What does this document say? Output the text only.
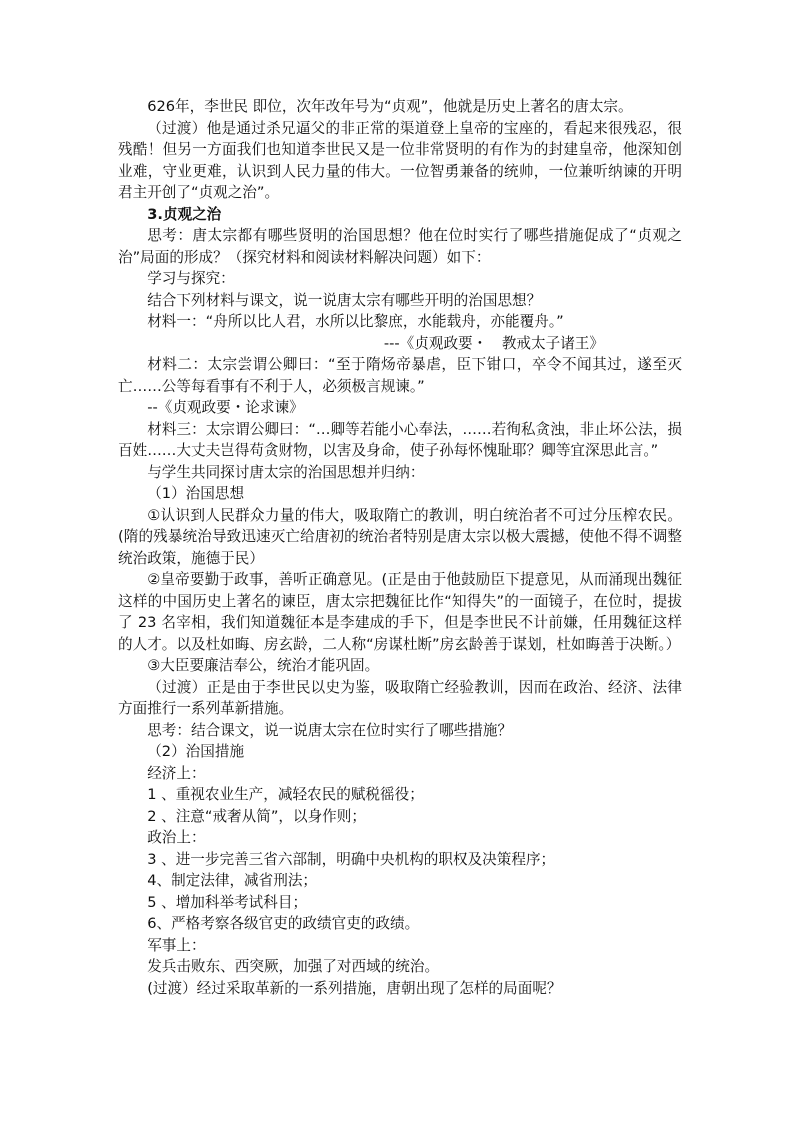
626年，李世民 即位，次年改年号为“贞观”，他就是历史上著名的唐太宗。

（过渡）他是通过杀兄逼父的非正常的渠道登上皇帝的宝座的，看起来很残忍，很残酷！但另一方面我们也知道李世民又是一位非常贤明的有作为的封建皇帝，他深知创业难，守业更难，认识到人民力量的伟大。一位智勇兼备的统帅，一位兼听纳谏的开明君主开创了“贞观之治”。

3.贞观之治

思考：唐太宗都有哪些贤明的治国思想？他在位时实行了哪些措施促成了“贞观之治”局面的形成？（探究材料和阅读材料解决问题）如下：

学习与探究：

结合下列材料与课文，说一说唐太宗有哪些开明的治国思想？

材料一：“舟所以比人君，水所以比黎庶，水能载舟，亦能覆舟。”

---《贞观政要・　教戒太子诸王》

材料二：太宗尝谓公卿曰：“至于隋炀帝暴虐，臣下钳口，卒令不闻其过，遂至灭亡……公等每看事有不利于人，必须极言规谏。”

--《贞观政要・论求谏》

材料三：太宗谓公卿曰：“…卿等若能小心奉法，……若徇私贪浊，非止坏公法，损百姓……大丈夫岂得苟贪财物，以害及身命，使子孙每怀愧耻耶？卿等宜深思此言。”

与学生共同探讨唐太宗的治国思想并归纳：

（1）治国思想

①认识到人民群众力量的伟大，吸取隋亡的教训，明白统治者不可过分压榨农民。(隋的残暴统治导致迅速灭亡给唐初的统治者特别是唐太宗以极大震撼，使他不得不调整统治政策，施德于民）

②皇帝要勤于政事，善听正确意见。(正是由于他鼓励臣下提意见，从而涌现出魏征这样的中国历史上著名的谏臣，唐太宗把魏征比作“知得失”的一面镜子，在位时，提拔了 23 名宰相，我们知道魏征本是李建成的手下，但是李世民不计前嫌，任用魏征这样的人才。以及杜如晦、房玄龄，二人称“房谋杜断”房玄龄善于谋划，杜如晦善于决断。）

③大臣要廉洁奉公，统治才能巩固。

（过渡）正是由于李世民以史为鉴，吸取隋亡经验教训，因而在政治、经济、法律方面推行一系列革新措施。

思考：结合课文，说一说唐太宗在位时实行了哪些措施？

（2）治国措施

经济上：

1 、重视农业生产，减轻农民的赋税徭役；

2 、注意“戒奢从简”，以身作则；

政治上：

3 、进一步完善三省六部制，明确中央机构的职权及决策程序；

4、制定法律，减省刑法；

5 、增加科举考试科目；

6、严格考察各级官吏的政绩官吏的政绩。

军事上：

发兵击败东、西突厥，加强了对西域的统治。

(过渡）经过采取革新的一系列措施，唐朝出现了怎样的局面呢？
